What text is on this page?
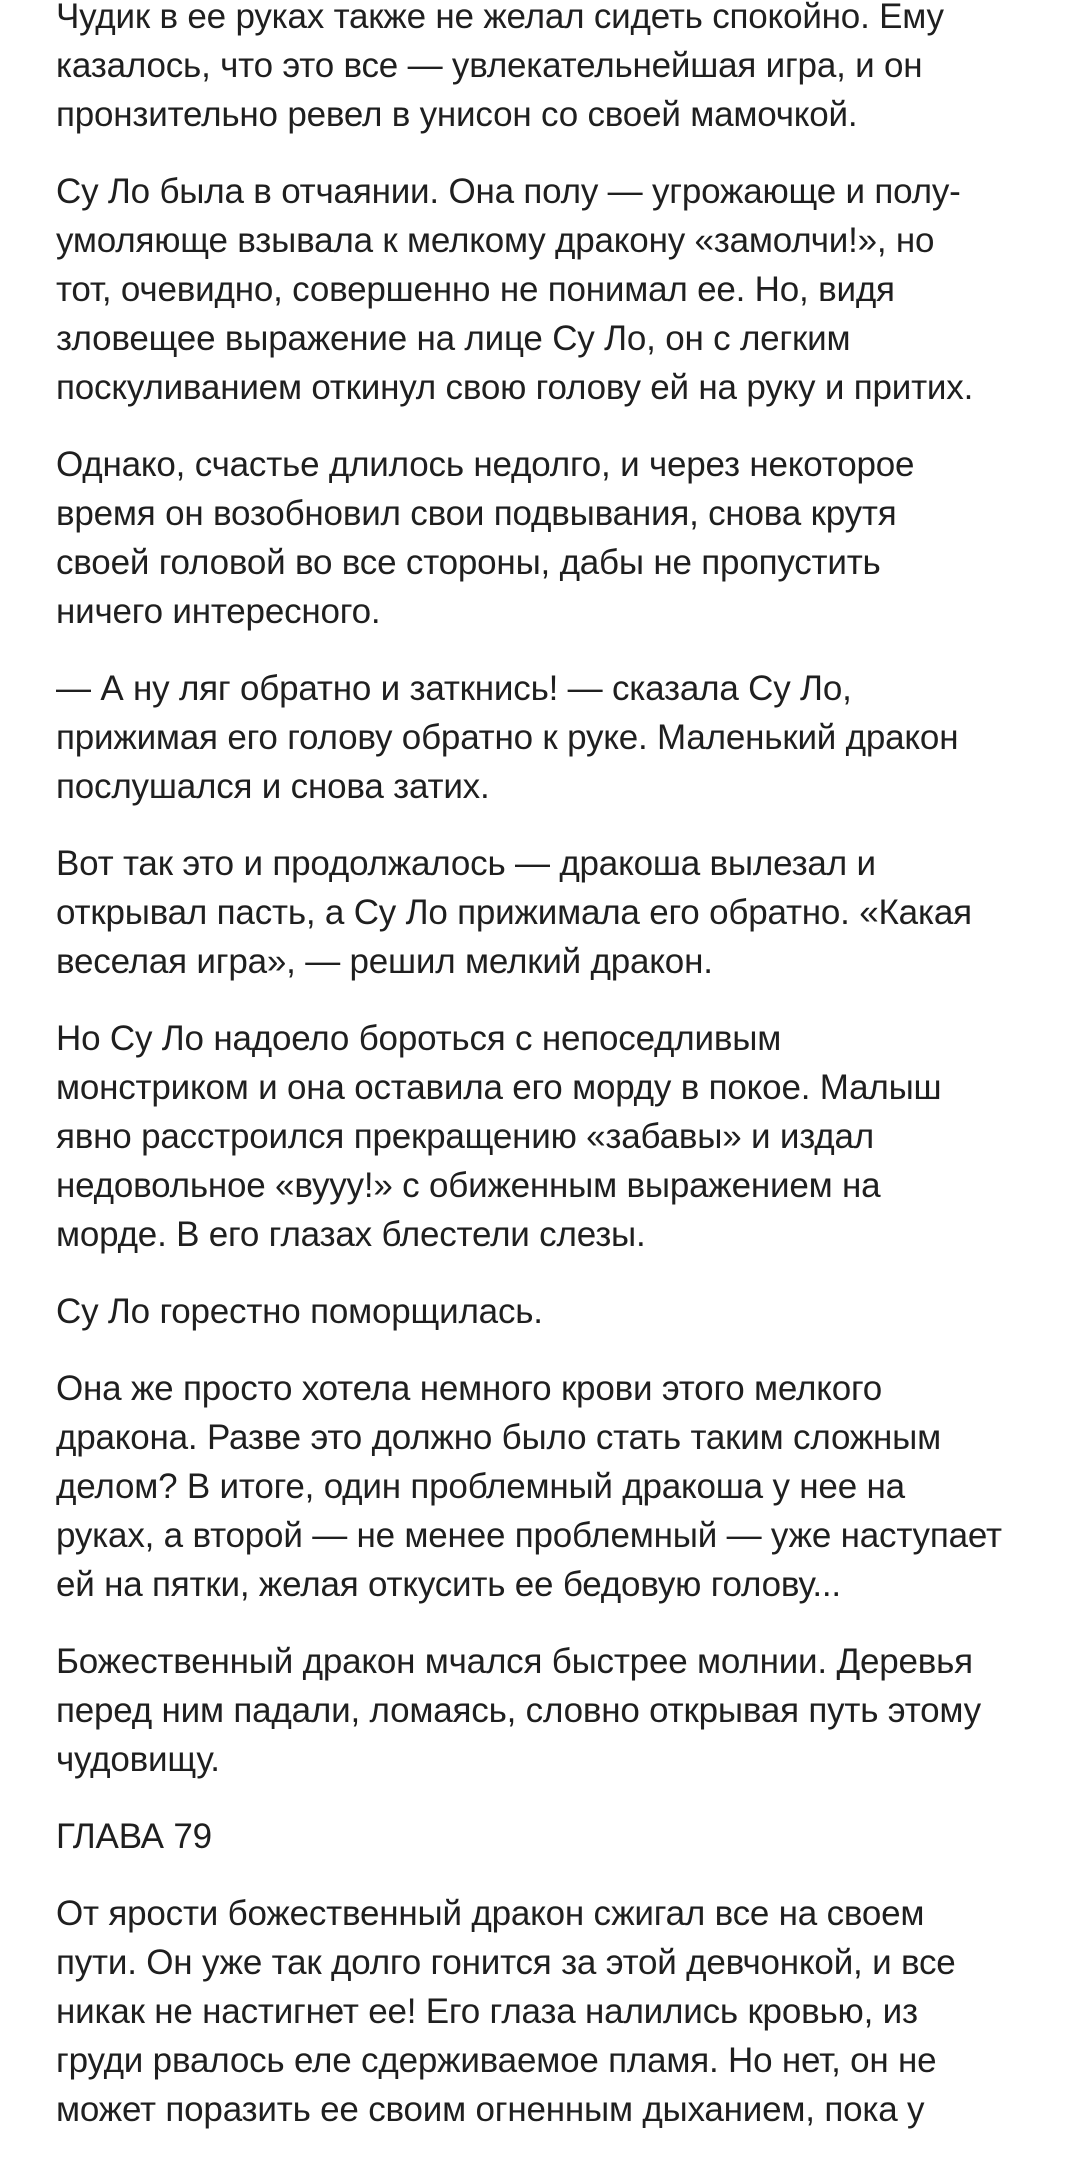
Чудик в ее руках также не желал сидеть спокойно. Ему
казалось, что это все — увлекательнейшая игра, и он
пронзительно ревел в унисон со своей мамочкой.

Су Ло была в отчаянии. Она полу — угрожающе и полу-
умоляюще взывала к мелкому дракону «замолчи!», но
тот, очевидно, совершенно не понимал ее. Но, видя
зловещее выражение на лице Су Ло, он с легким
поскуливанием откинул свою голову ей на руку и притих.

Однако, счастье длилось недолго, и через некоторое
время он возобновил свои подвывания, снова крутя
своей головой во все стороны, дабы не пропустить
ничего интересного.

— А ну ляг обратно и заткнись! — сказала Су Ло,
прижимая его голову обратно к руке. Маленький дракон
послушался и снова затих.

Вот так это и продолжалось — дракоша вылезал и
открывал пасть, а Су Ло прижимала его обратно. «Какая
веселая игра», — решил мелкий дракон.

Но Су Ло надоело бороться с непоседливым
монстриком и она оставила его морду в покое. Малыш
явно расстроился прекращению «забавы» и издал
недовольное «вууу!» с обиженным выражением на
морде. В его глазах блестели слезы.

Су Ло горестно поморщилась.

Она же просто хотела немного крови этого мелкого
дракона. Разве это должно было стать таким сложным
делом? В итоге, один проблемный дракоша у нее на
руках, а второй — не менее проблемный — уже наступает
ей на пятки, желая откусить ее бедовую голову...

Божественный дракон мчался быстрее молнии. Деревья
перед ним падали, ломаясь, словно открывая путь этому
чудовищу.

ГЛАВА 79

От ярости божественный дракон сжигал все на своем
пути. Он уже так долго гонится за этой девчонкой, и все
никак не настигнет ее! Его глаза налились кровью, из
груди рвалось еле сдерживаемое пламя. Но нет, он не
может поразить ее своим огненным дыханием, пока у
